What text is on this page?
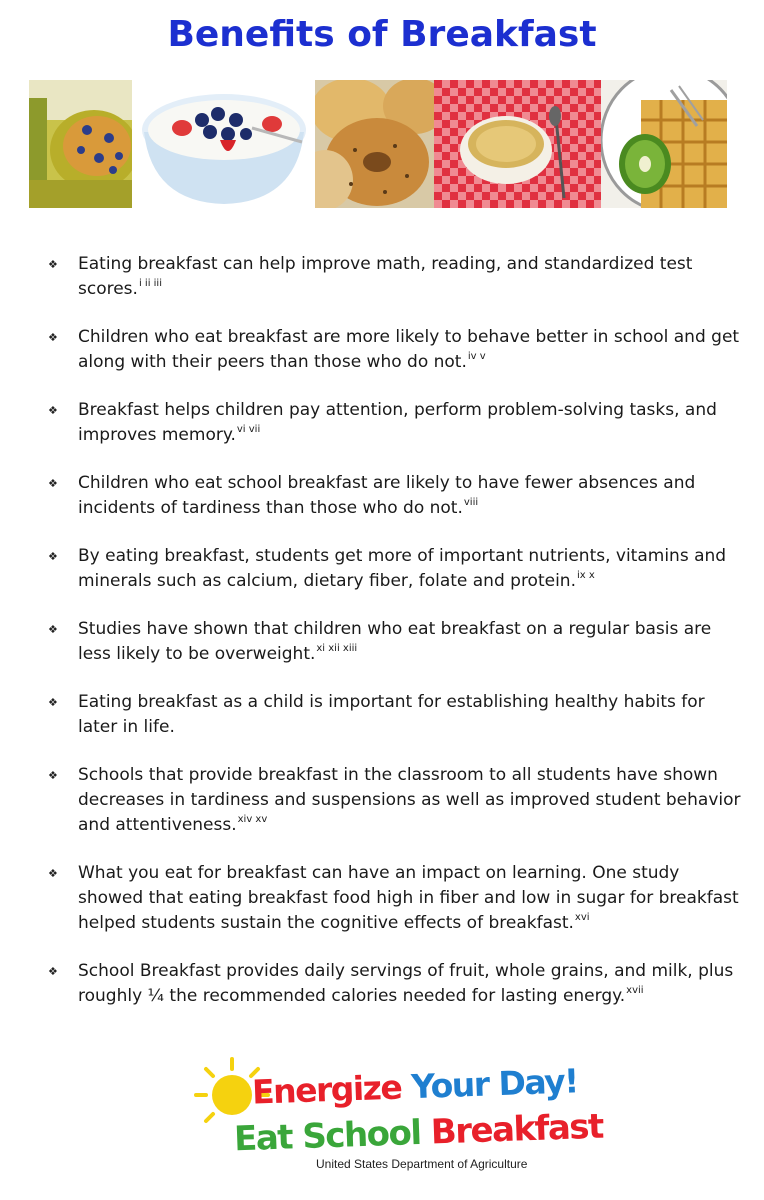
Benefits of Breakfast
❖ Eating breakfast can help improve math, reading, and standardized test scores.$^{i ii iii}$
❖ Children who eat breakfast are more likely to behave better in school and get along with their peers than those who do not.$^{iv v}$
❖ Breakfast helps children pay attention, perform problem-solving tasks, and improves memory.$^{vi vii}$
❖ Children who eat school breakfast are likely to have fewer absences and incidents of tardiness than those who do not.$^{viii}$
❖ By eating breakfast, students get more of important nutrients, vitamins and minerals such as calcium, dietary fiber, folate and protein.$^{ix x}$
❖ Studies have shown that children who eat breakfast on a regular basis are less likely to be overweight.$^{xi xii xiii}$
❖ Eating breakfast as a child is important for establishing healthy habits for later in life.
❖ Schools that provide breakfast in the classroom to all students have shown decreases in tardiness and suspensions as well as improved student behavior and attentiveness.$^{xiv xv}$
❖ What you eat for breakfast can have an impact on learning. One study showed that eating breakfast food high in fiber and low in sugar for breakfast helped students sustain the cognitive effects of breakfast.$^{xvi}$
❖ School Breakfast provides daily servings of fruit, whole grains, and milk, plus roughly ¼ the recommended calories needed for lasting energy.$^{xvii}$
Energize Your Day!
Eat School Breakfast
United States Department of Agriculture
